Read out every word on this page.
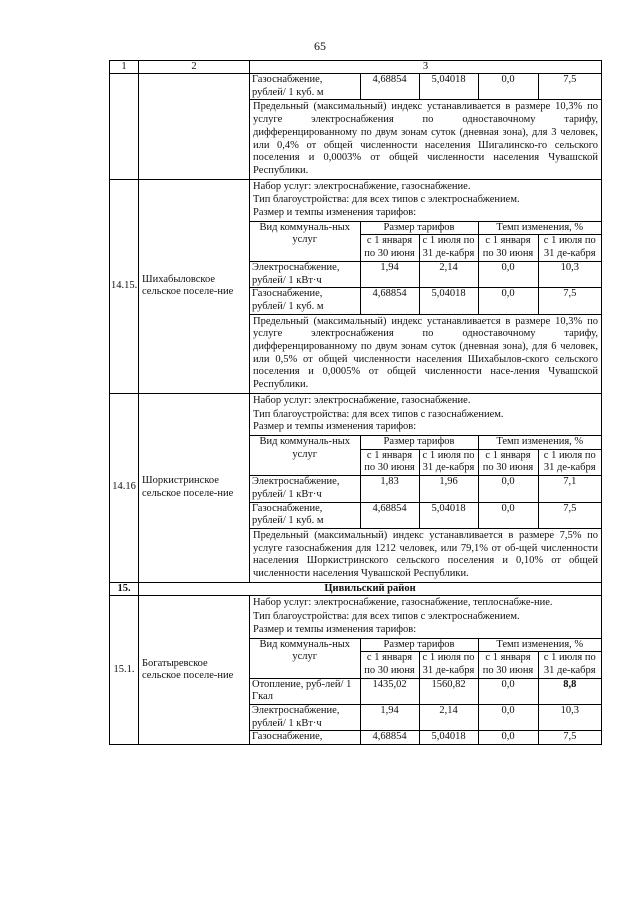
65
1	2	3

Газоснабжение, рублей/ 1 куб. м	4,68854	5,04018	0,0	7,5
Предельный (максимальный) индекс устанавливается в размере 10,3% по услуге электроснабжения по одноставочному тарифу, дифференцированному по двум зонам суток (дневная зона), для 3 человек, или 0,4% от общей численности населения Шигалинско-го сельского поселения и 0,0003% от общей численности населения Чувашской Республики.

14.15.	Шихабыловское сельское поселе-ние	
Набор услуг: электроснабжение, газоснабжение.
Тип благоустройства: для всех типов с электроснабжением.
Размер и темпы изменения тарифов:
Вид коммуналь-ных услуг	Размер тарифов	Темп изменения, %
с 1 января по 30 июня	с 1 июля по 31 де-кабря	с 1 января по 30 июня	с 1 июля по 31 де-кабря
Электроснабжение, рублей/ 1 кВт·ч	1,94	2,14	0,0	10,3
Газоснабжение, рублей/ 1 куб. м	4,68854	5,04018	0,0	7,5
Предельный (максимальный) индекс устанавливается в размере 10,3% по услуге электроснабжения по одноставочному тарифу, дифференцированному по двум зонам суток (дневная зона), для 6 человек, или 0,5% от общей численности населения Шихабылов-ского сельского поселения и 0,0005% от общей численности насе-ления Чувашской Республики.

14.16	Шоркистринское сельское поселе-ние	
Набор услуг: электроснабжение, газоснабжение.
Тип благоустройства: для всех типов с газоснабжением.
Размер и темпы изменения тарифов:
Вид коммуналь-ных услуг	Размер тарифов	Темп изменения, %
с 1 января по 30 июня	с 1 июля по 31 де-кабря	с 1 января по 30 июня	с 1 июля по 31 де-кабря
Электроснабжение, рублей/ 1 кВт·ч	1,83	1,96	0,0	7,1
Газоснабжение, рублей/ 1 куб. м	4,68854	5,04018	0,0	7,5
Предельный (максимальный) индекс устанавливается в размере 7,5% по услуге газоснабжения для 1212 человек, или 79,1% от об-щей численности населения Шоркистринского сельского поселения и 0,10% от общей численности населения Чувашской Республики.

15.	Цивильский район
15.1.	Богатыревское сельское поселе-ние	
Набор услуг: электроснабжение, газоснабжение, теплоснабже-ние.
Тип благоустройства: для всех типов с электроснабжением.
Размер и темпы изменения тарифов:
Вид коммуналь-ных услуг	Размер тарифов	Темп изменения, %
с 1 января по 30 июня	с 1 июля по 31 де-кабря	с 1 января по 30 июня	с 1 июля по 31 де-кабря
Отопление, руб-лей/ 1 Гкал	1435,02	1560,82	0,0	8,8
Электроснабжение, рублей/ 1 кВт·ч	1,94	2,14	0,0	10,3
Газоснабжение,	4,68854	5,04018	0,0	7,5
